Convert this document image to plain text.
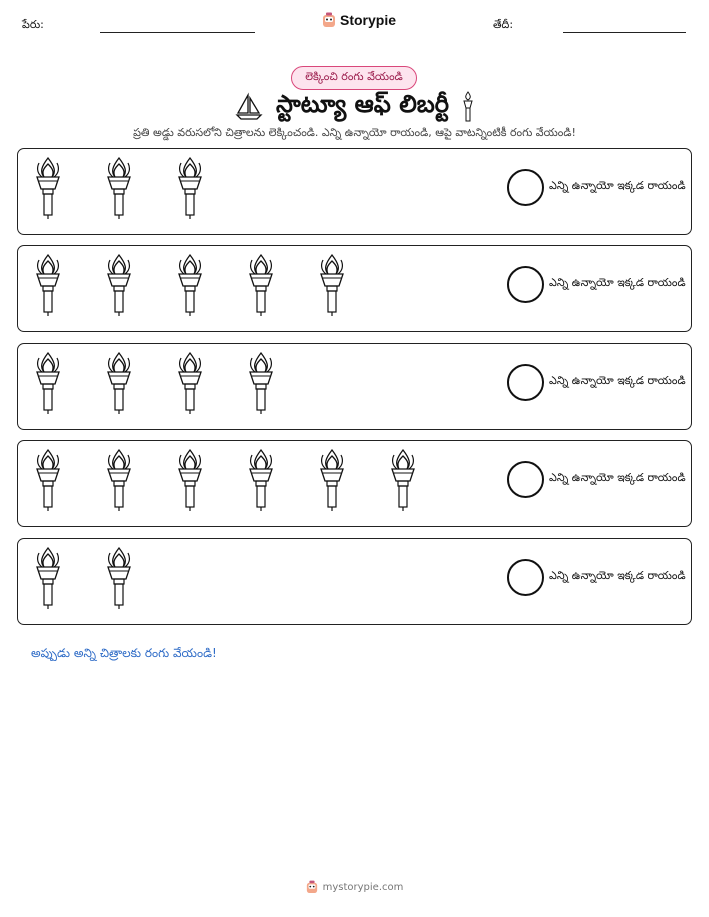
పేరు:	Storypie	తేదీ:
లెక్కించి రంగు వేయండి
స్టాట్యూ ఆఫ్ లిబర్టీ
ప్రతి అడ్డు వరుసలోని చిత్రాలను లెక్కించండి. ఎన్ని ఉన్నాయో రాయండి, ఆపై వాటన్నింటికీ రంగు వేయండి!
ఎన్ని ఉన్నాయో ఇక్కడ రాయండి
ఎన్ని ఉన్నాయో ఇక్కడ రాయండి
ఎన్ని ఉన్నాయో ఇక్కడ రాయండి
ఎన్ని ఉన్నాయో ఇక్కడ రాయండి
ఎన్ని ఉన్నాయో ఇక్కడ రాయండి
అప్పుడు అన్ని చిత్రాలకు రంగు వేయండి!
mystorypie.com
